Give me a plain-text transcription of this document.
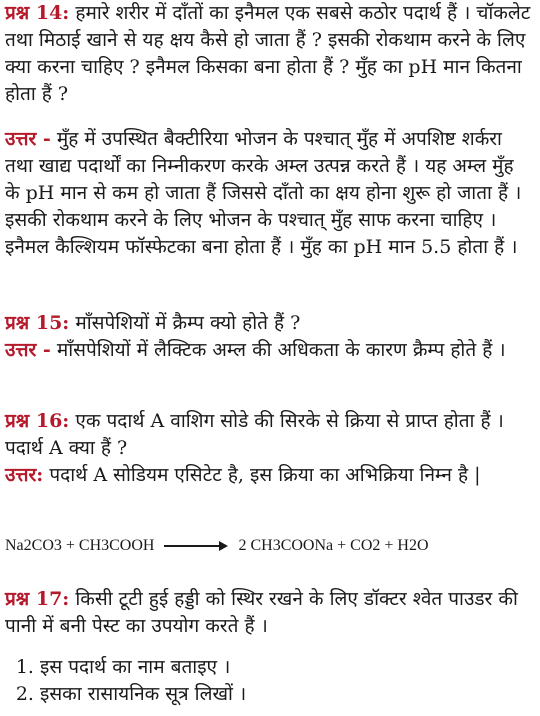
प्रश्न 14: हमारे शरीर में दाँतों का इनैमल एक सबसे कठोर पदार्थ हैं । चॉकलेट तथा मिठाई खाने से यह क्षय कैसे हो जाता हैं ? इसकी रोकथाम करने के लिए क्या करना चाहिए ? इनैमल किसका बना होता हैं ? मुँह का pH मान कितना होता हैं ?

उत्तर - मुँह में उपस्थित बैक्टीरिया भोजन के पश्चात् मुँह में अपशिष्ट शर्करा तथा खाद्य पदार्थों का निम्नीकरण करके अम्ल उत्पन्न करते हैं । यह अम्ल मुँह के pH मान से कम हो जाता हैं जिससे दाँतो का क्षय होना शुरू हो जाता हैं । इसकी रोकथाम करने के लिए भोजन के पश्चात् मुँह साफ करना चाहिए । इनैमल कैल्शियम फॉस्फेटका बना होता हैं । मुँह का pH मान 5.5 होता हैं ।

प्रश्न 15: माँसपेशियों में क्रैम्प क्यो होते हैं ?

उत्तर - माँसपेशियों में लैक्टिक अम्ल की अधिकता के कारण क्रैम्प होते हैं ।

प्रश्न 16: एक पदार्थ A वाशिग सोडे की सिरके से क्रिया से प्राप्त होता हैं । पदार्थ A क्या हैं ?

उत्तर: पदार्थ A सोडियम एसिटेट है, इस क्रिया का अभिक्रिया निम्न है |

Na2CO3 + CH3COOH	2 CH3COONa + CO2 + H2O

प्रश्न 17: किसी टूटी हुई हड्डी को स्थिर रखने के लिए डॉक्टर श्वेत पाउडर की पानी में बनी पेस्ट का उपयोग करते हैं ।

1. इस पदार्थ का नाम बताइए ।
2. इसका रासायनिक सूत्र लिखों ।
